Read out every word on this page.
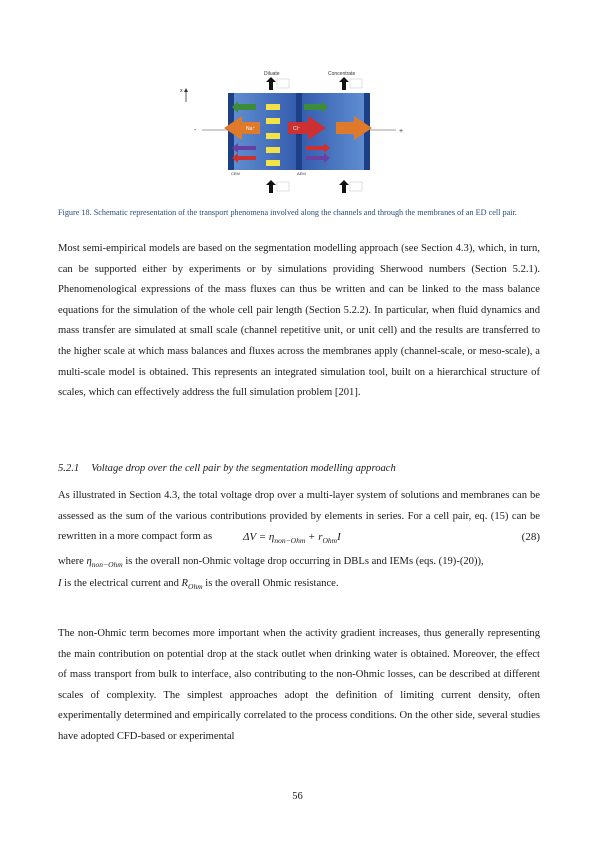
Diluate	Concentrate
x
Na⁺	Cl⁻
-	+
CEM	AEM
Figure 18. Schematic representation of the transport phenomena involved along the channels and through the membranes of an ED cell pair.
Most semi-empirical models are based on the segmentation modelling approach (see Section 4.3), which, in turn, can be supported either by experiments or by simulations providing Sherwood numbers (Section 5.2.1). Phenomenological expressions of the mass fluxes can thus be written and can be linked to the mass balance equations for the simulation of the whole cell pair length (Section 5.2.2). In particular, when fluid dynamics and mass transfer are simulated at small scale (channel repetitive unit, or unit cell) and the results are transferred to the higher scale at which mass balances and fluxes across the membranes apply (channel-scale, or meso-scale), a multi-scale model is obtained. This represents an integrated simulation tool, built on a hierarchical structure of scales, which can effectively address the full simulation problem [201].
5.2.1 Voltage drop over the cell pair by the segmentation modelling approach
As illustrated in Section 4.3, the total voltage drop over a multi-layer system of solutions and membranes can be assessed as the sum of the various contributions provided by elements in series. For a cell pair, eq. (15) can be rewritten in a more compact form as	$\Delta V = \eta_{non-Ohm} + r_{Ohm}I$	(28)
where $\eta_{non-Ohm}$ is the overall non-Ohmic voltage drop occurring in DBLs and IEMs (eqs. (19)-(20)),
I is the electrical current and $R_{Ohm}$ is the overall Ohmic resistance.
The non-Ohmic term becomes more important when the activity gradient increases, thus generally representing the main contribution on potential drop at the stack outlet when drinking water is obtained. Moreover, the effect of mass transport from bulk to interface, also contributing to the non-Ohmic losses, can be described at different scales of complexity. The simplest approaches adopt the definition of limiting current density, often experimentally determined and empirically correlated to the process conditions. On the other side, several studies have adopted CFD-based or experimental
56
